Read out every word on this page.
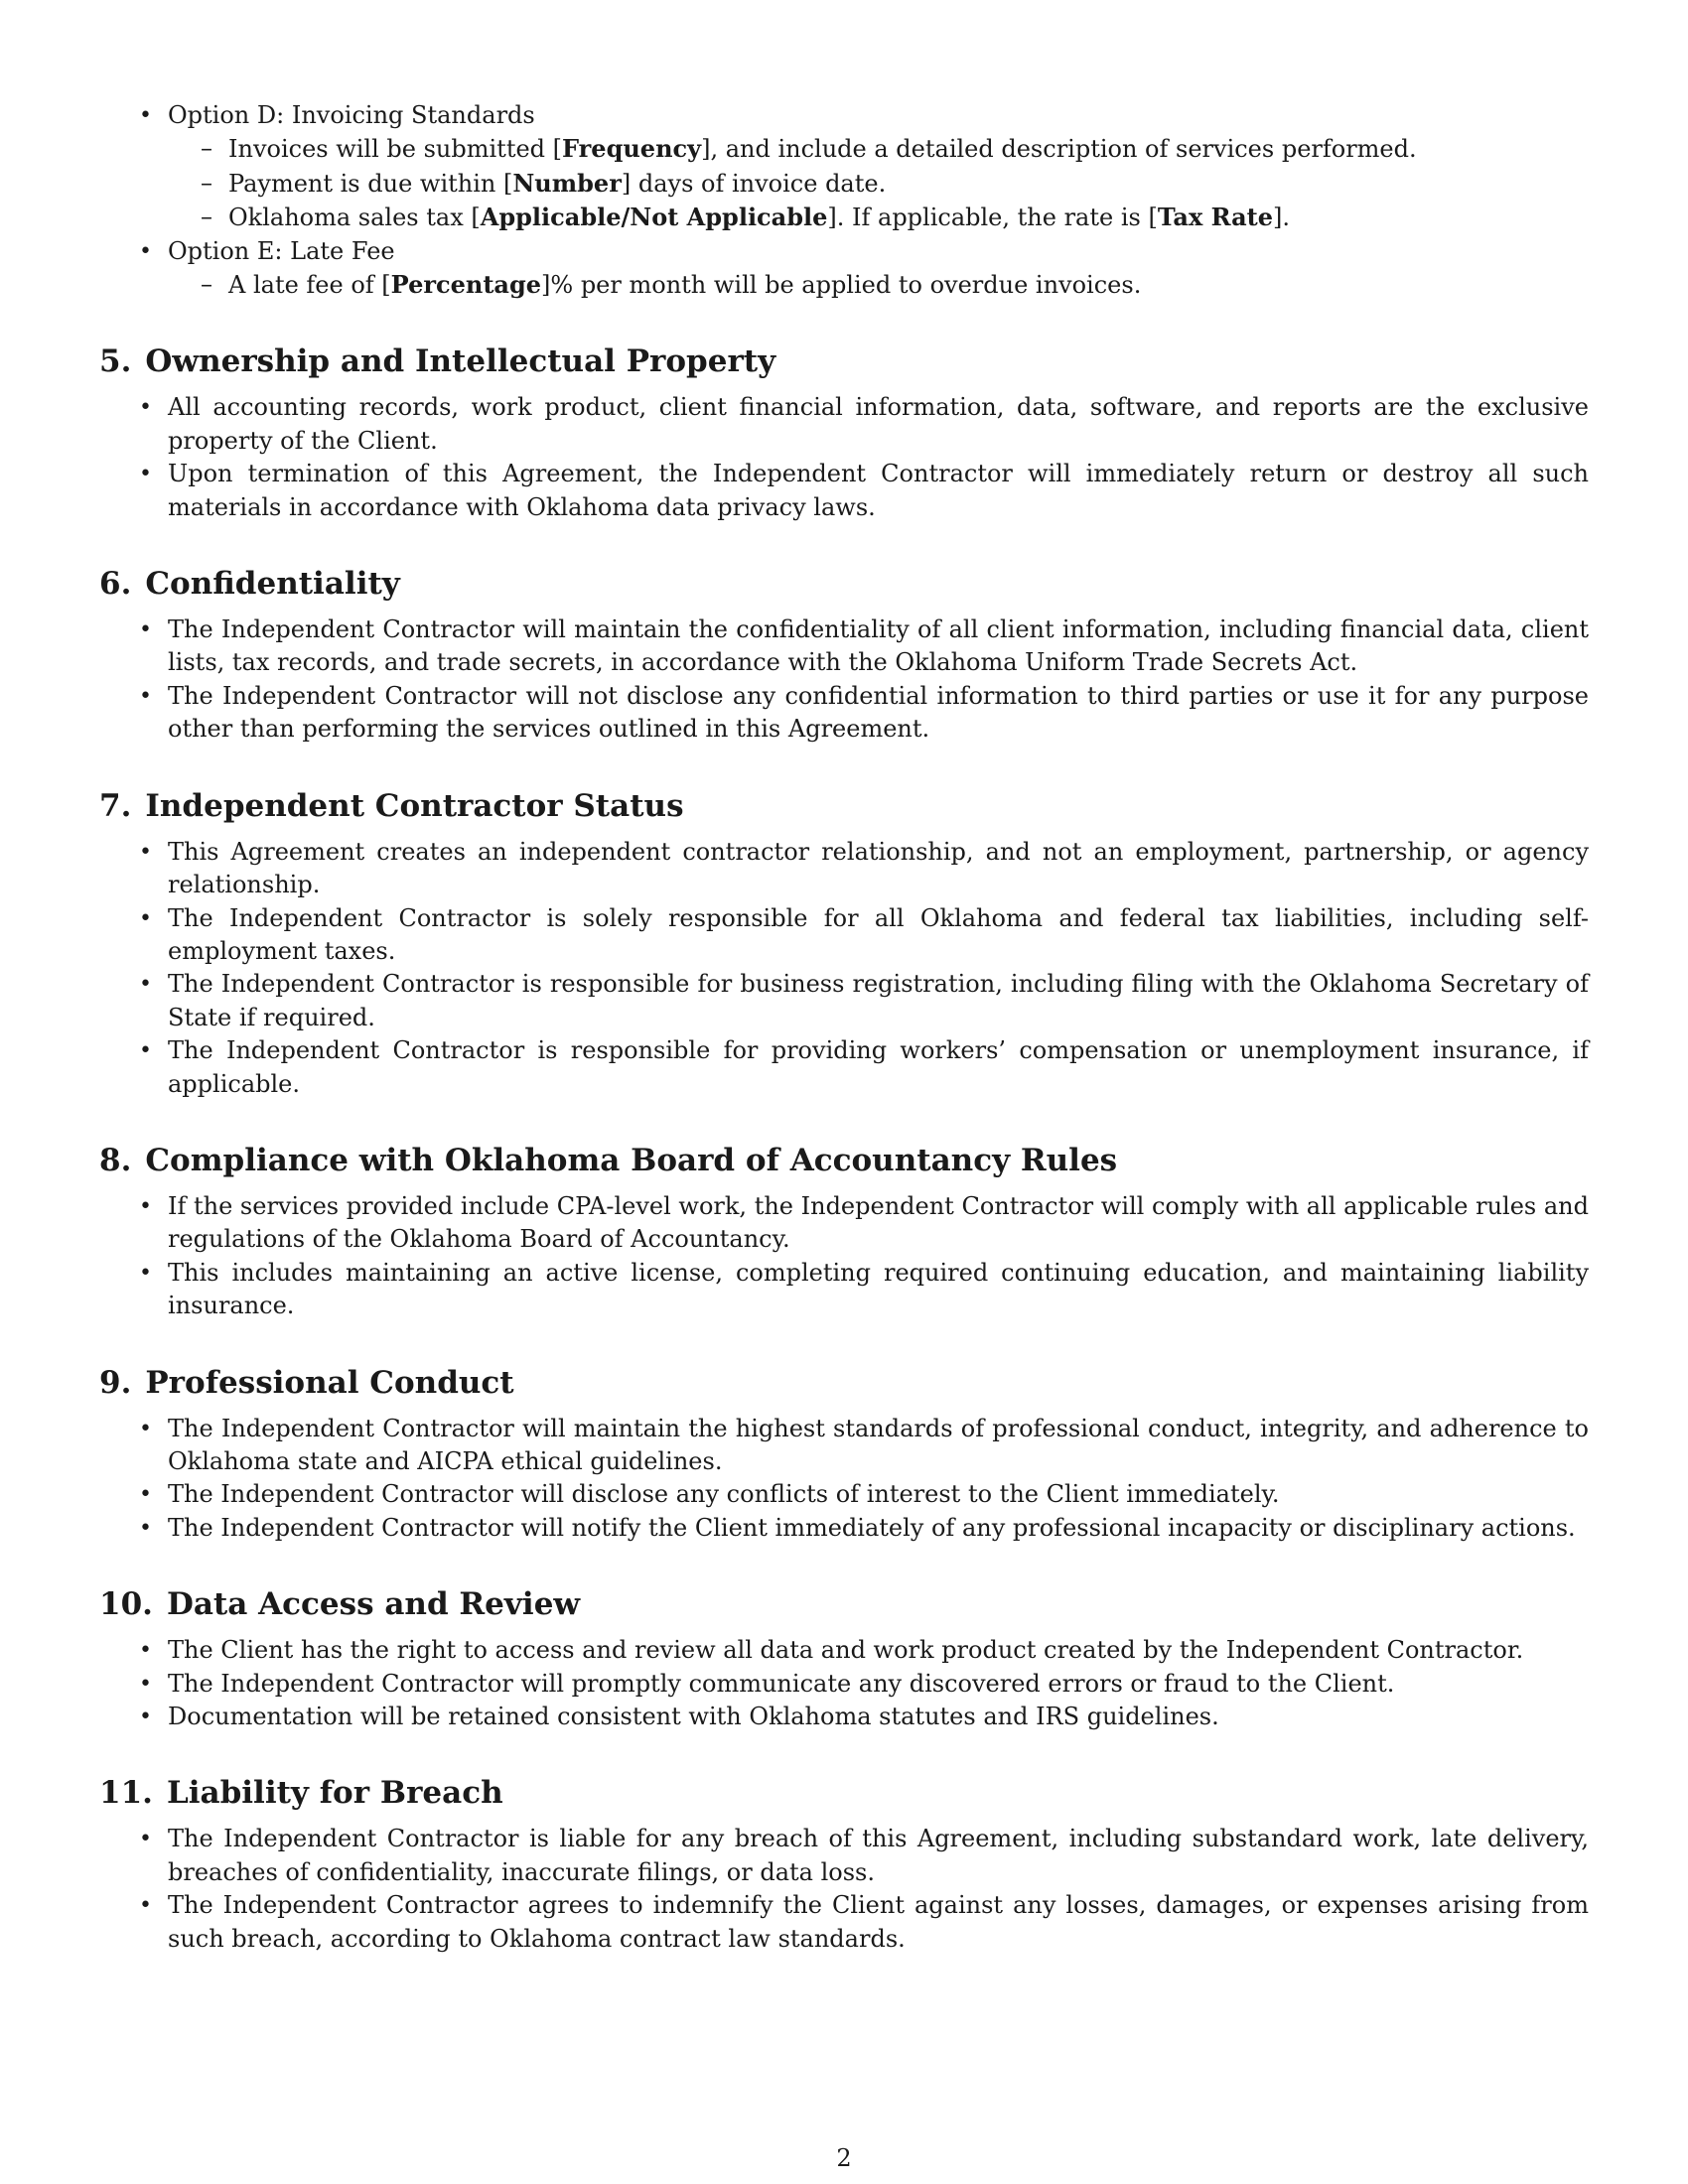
• Option D: Invoicing Standards
– Invoices will be submitted [Frequency], and include a detailed description of services performed.
– Payment is due within [Number] days of invoice date.
– Oklahoma sales tax [Applicable/Not Applicable]. If applicable, the rate is [Tax Rate].
• Option E: Late Fee
– A late fee of [Percentage]% per month will be applied to overdue invoices.
5. Ownership and Intellectual Property
• All accounting records, work product, client financial information, data, software, and reports are the exclusive property of the Client.
• Upon termination of this Agreement, the Independent Contractor will immediately return or destroy all such materials in accordance with Oklahoma data privacy laws.
6. Confidentiality
• The Independent Contractor will maintain the confidentiality of all client information, including financial data, client lists, tax records, and trade secrets, in accordance with the Oklahoma Uniform Trade Secrets Act.
• The Independent Contractor will not disclose any confidential information to third parties or use it for any purpose other than performing the services outlined in this Agreement.
7. Independent Contractor Status
• This Agreement creates an independent contractor relationship, and not an employment, partnership, or agency relationship.
• The Independent Contractor is solely responsible for all Oklahoma and federal tax liabilities, including self-employment taxes.
• The Independent Contractor is responsible for business registration, including filing with the Oklahoma Secretary of State if required.
• The Independent Contractor is responsible for providing workers’ compensation or unemployment insurance, if applicable.
8. Compliance with Oklahoma Board of Accountancy Rules
• If the services provided include CPA-level work, the Independent Contractor will comply with all applicable rules and regulations of the Oklahoma Board of Accountancy.
• This includes maintaining an active license, completing required continuing education, and maintaining liability insurance.
9. Professional Conduct
• The Independent Contractor will maintain the highest standards of professional conduct, integrity, and adherence to Oklahoma state and AICPA ethical guidelines.
• The Independent Contractor will disclose any conflicts of interest to the Client immediately.
• The Independent Contractor will notify the Client immediately of any professional incapacity or disciplinary actions.
10. Data Access and Review
• The Client has the right to access and review all data and work product created by the Independent Contractor.
• The Independent Contractor will promptly communicate any discovered errors or fraud to the Client.
• Documentation will be retained consistent with Oklahoma statutes and IRS guidelines.
11. Liability for Breach
• The Independent Contractor is liable for any breach of this Agreement, including substandard work, late delivery, breaches of confidentiality, inaccurate filings, or data loss.
• The Independent Contractor agrees to indemnify the Client against any losses, damages, or expenses arising from such breach, according to Oklahoma contract law standards.
2
